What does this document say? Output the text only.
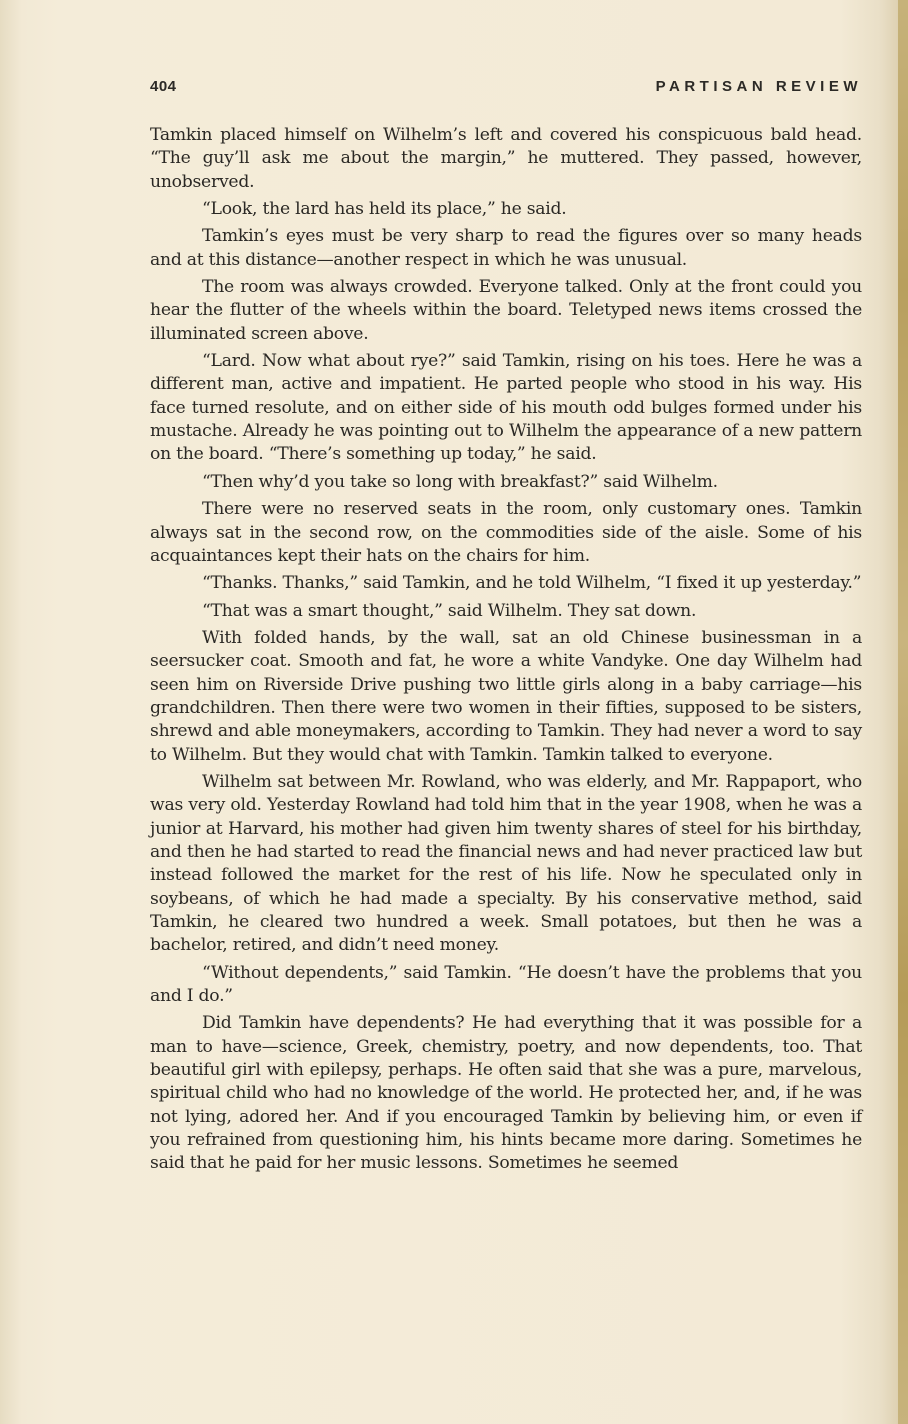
404	PARTISAN REVIEW

Tamkin placed himself on Wilhelm’s left and covered his conspicuous bald head. “The guy’ll ask me about the margin,” he muttered. They passed, however, unobserved.

“Look, the lard has held its place,” he said.

Tamkin’s eyes must be very sharp to read the figures over so many heads and at this distance—another respect in which he was unusual.

The room was always crowded. Everyone talked. Only at the front could you hear the flutter of the wheels within the board. Teletyped news items crossed the illuminated screen above.

“Lard. Now what about rye?” said Tamkin, rising on his toes. Here he was a different man, active and impatient. He parted people who stood in his way. His face turned resolute, and on either side of his mouth odd bulges formed under his mustache. Already he was pointing out to Wilhelm the appearance of a new pattern on the board. “There’s something up today,” he said.

“Then why’d you take so long with breakfast?” said Wilhelm.

There were no reserved seats in the room, only customary ones. Tamkin always sat in the second row, on the commodities side of the aisle. Some of his acquaintances kept their hats on the chairs for him.

“Thanks. Thanks,” said Tamkin, and he told Wilhelm, “I fixed it up yesterday.”

“That was a smart thought,” said Wilhelm. They sat down.

With folded hands, by the wall, sat an old Chinese businessman in a seersucker coat. Smooth and fat, he wore a white Vandyke. One day Wilhelm had seen him on Riverside Drive pushing two little girls along in a baby carriage—his grandchildren. Then there were two women in their fifties, supposed to be sisters, shrewd and able moneymakers, according to Tamkin. They had never a word to say to Wilhelm. But they would chat with Tamkin. Tamkin talked to everyone.

Wilhelm sat between Mr. Rowland, who was elderly, and Mr. Rappaport, who was very old. Yesterday Rowland had told him that in the year 1908, when he was a junior at Harvard, his mother had given him twenty shares of steel for his birthday, and then he had started to read the financial news and had never practiced law but instead followed the market for the rest of his life. Now he speculated only in soybeans, of which he had made a specialty. By his conservative method, said Tamkin, he cleared two hundred a week. Small potatoes, but then he was a bachelor, retired, and didn’t need money.

“Without dependents,” said Tamkin. “He doesn’t have the problems that you and I do.”

Did Tamkin have dependents? He had everything that it was possible for a man to have—science, Greek, chemistry, poetry, and now dependents, too. That beautiful girl with epilepsy, perhaps. He often said that she was a pure, marvelous, spiritual child who had no knowledge of the world. He protected her, and, if he was not lying, adored her. And if you encouraged Tamkin by believing him, or even if you refrained from questioning him, his hints became more daring. Sometimes he said that he paid for her music lessons. Sometimes he seemed
